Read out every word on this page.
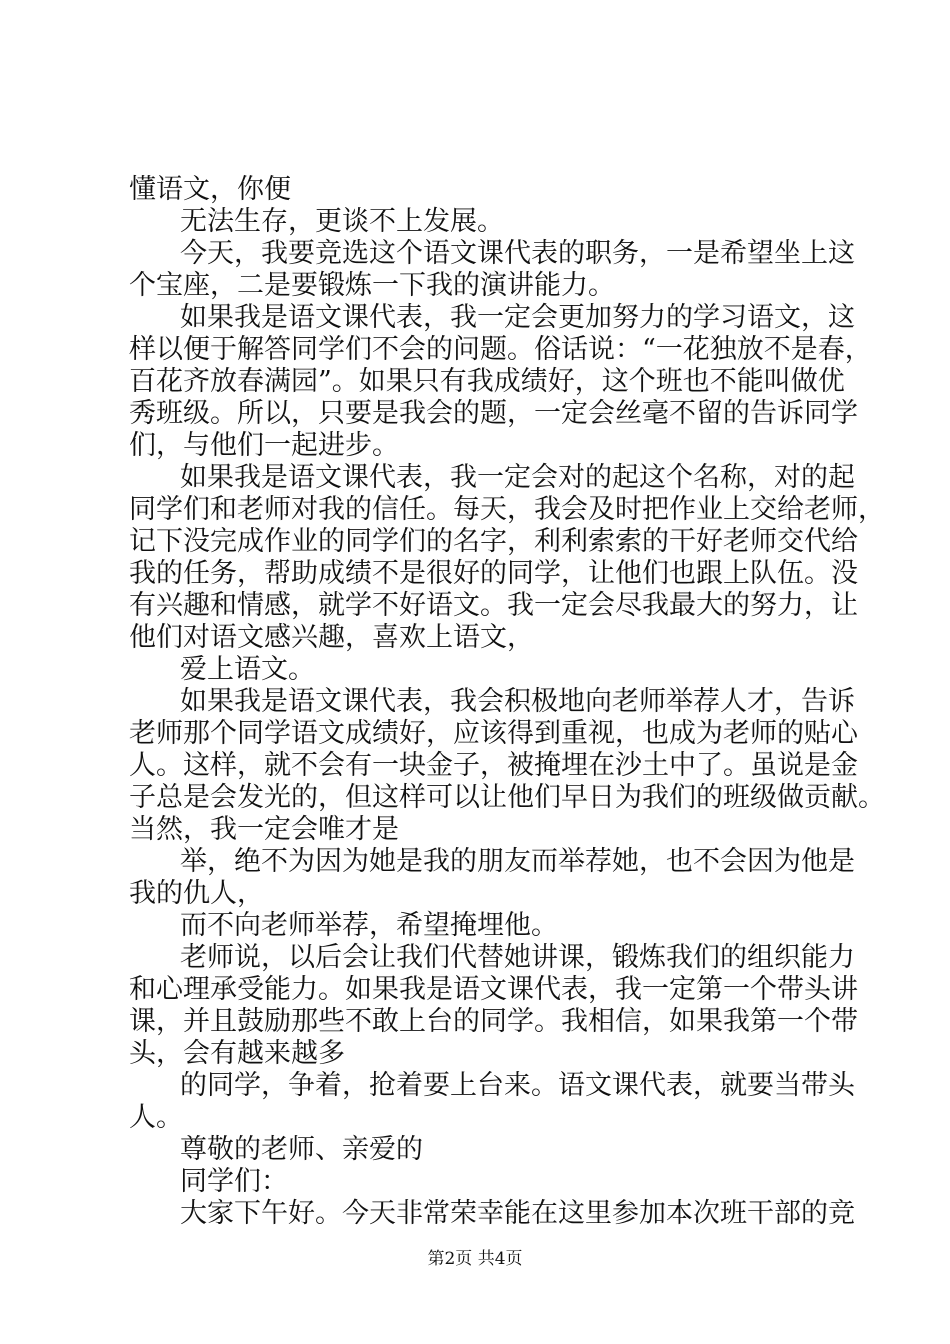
懂语文，你便
无法生存，更谈不上发展。
今天，我要竞选这个语文课代表的职务，一是希望坐上这
个宝座，二是要锻炼一下我的演讲能力。
如果我是语文课代表，我一定会更加努力的学习语文，这
样以便于解答同学们不会的问题。俗话说：“一花独放不是春，
百花齐放春满园”。如果只有我成绩好，这个班也不能叫做优
秀班级。所以，只要是我会的题，一定会丝毫不留的告诉同学
们，与他们一起进步。
如果我是语文课代表，我一定会对的起这个名称，对的起
同学们和老师对我的信任。每天，我会及时把作业上交给老师，
记下没完成作业的同学们的名字，利利索索的干好老师交代给
我的任务，帮助成绩不是很好的同学，让他们也跟上队伍。没
有兴趣和情感，就学不好语文。我一定会尽我最大的努力，让
他们对语文感兴趣，喜欢上语文，
爱上语文。
如果我是语文课代表，我会积极地向老师举荐人才，告诉
老师那个同学语文成绩好，应该得到重视，也成为老师的贴心
人。这样，就不会有一块金子，被掩埋在沙土中了。虽说是金
子总是会发光的，但这样可以让他们早日为我们的班级做贡献。
当然，我一定会唯才是
举，绝不为因为她是我的朋友而举荐她，也不会因为他是
我的仇人，
而不向老师举荐，希望掩埋他。
老师说，以后会让我们代替她讲课，锻炼我们的组织能力
和心理承受能力。如果我是语文课代表，我一定第一个带头讲
课，并且鼓励那些不敢上台的同学。我相信，如果我第一个带
头，会有越来越多
的同学，争着，抢着要上台来。语文课代表，就要当带头
人。
尊敬的老师、亲爱的
同学们：
大家下午好。今天非常荣幸能在这里参加本次班干部的竞
第2页 共4页
